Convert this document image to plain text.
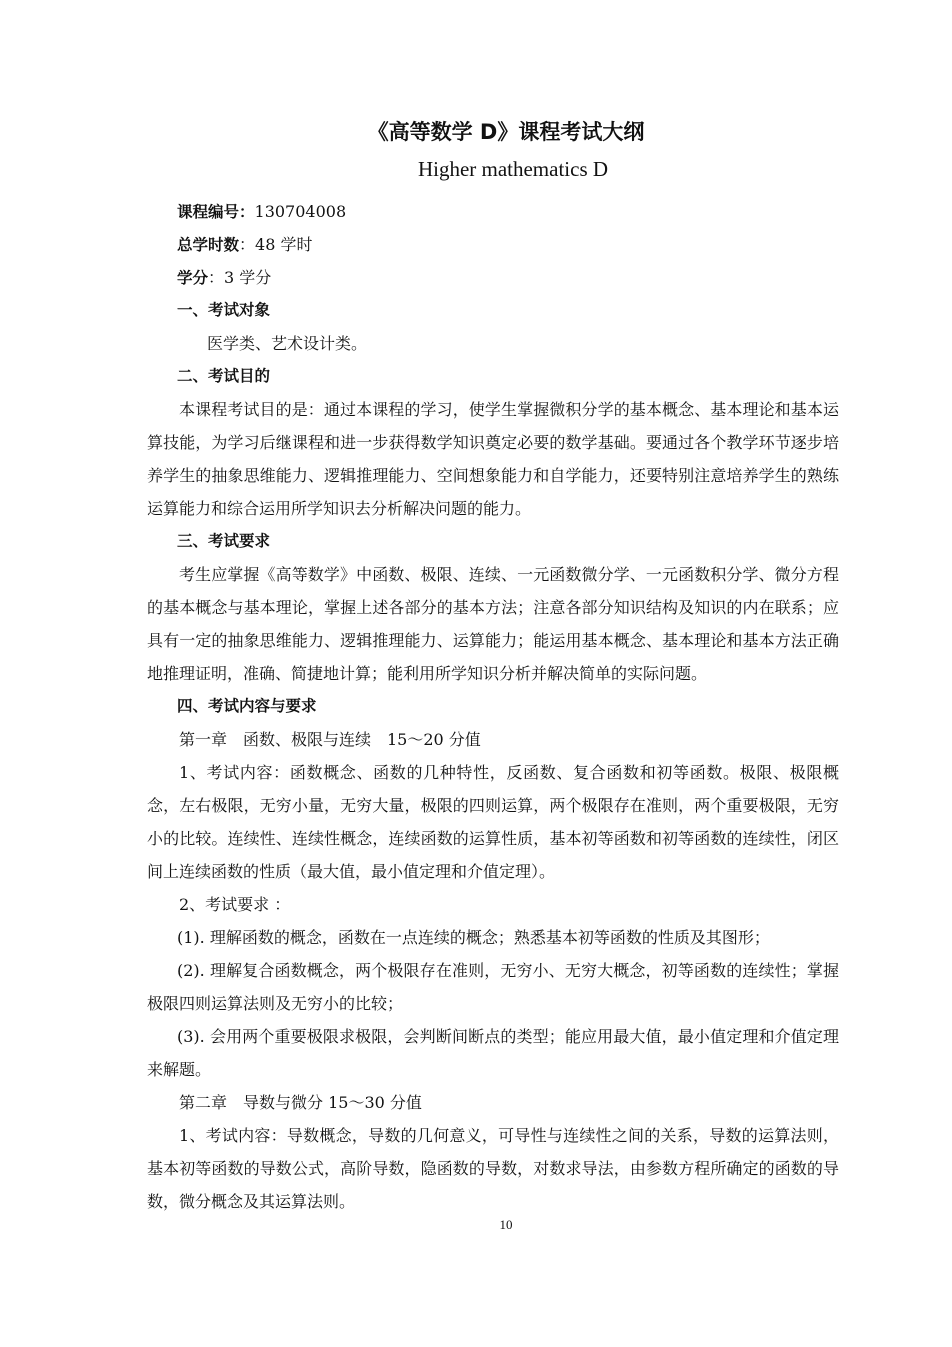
《高等数学 D》课程考试大纲
Higher mathematics D
课程编号：130704008
总学时数：48 学时
学分：3 学分
一、考试对象
医学类、艺术设计类。
二、考试目的

本课程考试目的是：通过本课程的学习，使学生掌握微积分学的基本概念、基本理论和基本运算技能，为学习后继课程和进一步获得数学知识奠定必要的数学基础。要通过各个教学环节逐步培养学生的抽象思维能力、逻辑推理能力、空间想象能力和自学能力，还要特别注意培养学生的熟练运算能力和综合运用所学知识去分析解决问题的能力。

三、考试要求

考生应掌握《高等数学》中函数、极限、连续、一元函数微分学、一元函数积分学、微分方程的基本概念与基本理论，掌握上述各部分的基本方法；注意各部分知识结构及知识的内在联系；应具有一定的抽象思维能力、逻辑推理能力、运算能力；能运用基本概念、基本理论和基本方法正确地推理证明，准确、简捷地计算；能利用所学知识分析并解决简单的实际问题。

四、考试内容与要求
第一章　函数、极限与连续　15～20 分值

1、考试内容：函数概念、函数的几种特性，反函数、复合函数和初等函数。极限、极限概念，左右极限，无穷小量，无穷大量，极限的四则运算，两个极限存在准则，两个重要极限，无穷小的比较。连续性、连续性概念，连续函数的运算性质，基本初等函数和初等函数的连续性，闭区间上连续函数的性质（最大值，最小值定理和介值定理）。

2、考试要求 ：

(1). 理解函数的概念，函数在一点连续的概念；熟悉基本初等函数的性质及其图形；

(2). 理解复合函数概念，两个极限存在准则，无穷小、无穷大概念，初等函数的连续性；掌握极限四则运算法则及无穷小的比较；

(3). 会用两个重要极限求极限，会判断间断点的类型；能应用最大值，最小值定理和介值定理来解题。

第二章　导数与微分 15～30 分值

1、考试内容：导数概念，导数的几何意义，可导性与连续性之间的关系，导数的运算法则，基本初等函数的导数公式，高阶导数，隐函数的导数，对数求导法，由参数方程所确定的函数的导数，微分概念及其运算法则。

10
